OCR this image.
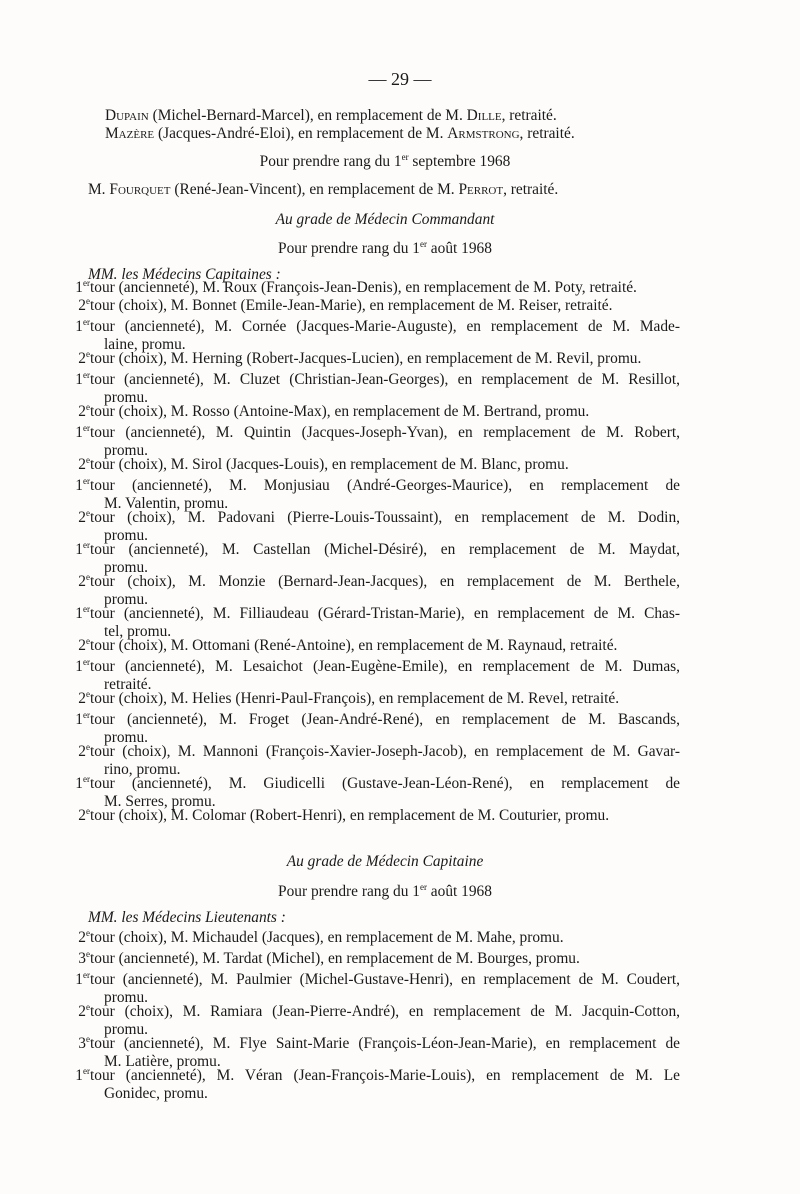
— 29 —
Dupain (Michel-Bernard-Marcel), en remplacement de M. Dille, retraité.
Mazère (Jacques-André-Eloi), en remplacement de M. Armstrong, retraité.
Pour prendre rang du 1er septembre 1968
M. Fourquet (René-Jean-Vincent), en remplacement de M. Perrot, retraité.
Au grade de Médecin Commandant
Pour prendre rang du 1er août 1968
MM. les Médecins Capitaines :
1er tour (ancienneté), M. Roux (François-Jean-Denis), en remplacement de M. Poty, retraité.
2e tour (choix), M. Bonnet (Emile-Jean-Marie), en remplacement de M. Reiser, retraité.
1er tour (ancienneté), M. Cornée (Jacques-Marie-Auguste), en remplacement de M. Made-
laine, promu.
2e tour (choix), M. Herning (Robert-Jacques-Lucien), en remplacement de M. Revil, promu.
1er tour (ancienneté), M. Cluzet (Christian-Jean-Georges), en remplacement de M. Resillot,
promu.
2e tour (choix), M. Rosso (Antoine-Max), en remplacement de M. Bertrand, promu.
1er tour (ancienneté), M. Quintin (Jacques-Joseph-Yvan), en remplacement de M. Robert,
promu.
2e tour (choix), M. Sirol (Jacques-Louis), en remplacement de M. Blanc, promu.
1er tour (ancienneté), M. Monjusiau (André-Georges-Maurice), en remplacement de
M. Valentin, promu.
2e tour (choix), M. Padovani (Pierre-Louis-Toussaint), en remplacement de M. Dodin,
promu.
1er tour (ancienneté), M. Castellan (Michel-Désiré), en remplacement de M. Maydat,
promu.
2e tour (choix), M. Monzie (Bernard-Jean-Jacques), en remplacement de M. Berthele,
promu.
1er tour (ancienneté), M. Filliaudeau (Gérard-Tristan-Marie), en remplacement de M. Chas-
tel, promu.
2e tour (choix), M. Ottomani (René-Antoine), en remplacement de M. Raynaud, retraité.
1er tour (ancienneté), M. Lesaichot (Jean-Eugène-Emile), en remplacement de M. Dumas,
retraité.
2e tour (choix), M. Helies (Henri-Paul-François), en remplacement de M. Revel, retraité.
1er tour (ancienneté), M. Froget (Jean-André-René), en remplacement de M. Bascands,
promu.
2e tour (choix), M. Mannoni (François-Xavier-Joseph-Jacob), en remplacement de M. Gavar-
rino, promu.
1er tour (ancienneté), M. Giudicelli (Gustave-Jean-Léon-René), en remplacement de
M. Serres, promu.
2e tour (choix), M. Colomar (Robert-Henri), en remplacement de M. Couturier, promu.
Au grade de Médecin Capitaine
Pour prendre rang du 1er août 1968
MM. les Médecins Lieutenants :
2e tour (choix), M. Michaudel (Jacques), en remplacement de M. Mahe, promu.
3e tour (ancienneté), M. Tardat (Michel), en remplacement de M. Bourges, promu.
1er tour (ancienneté), M. Paulmier (Michel-Gustave-Henri), en remplacement de M. Coudert,
promu.
2e tour (choix), M. Ramiara (Jean-Pierre-André), en remplacement de M. Jacquin-Cotton,
promu.
3e tour (ancienneté), M. Flye Saint-Marie (François-Léon-Jean-Marie), en remplacement de
M. Latière, promu.
1er tour (ancienneté), M. Véran (Jean-François-Marie-Louis), en remplacement de M. Le
Gonidec, promu.
